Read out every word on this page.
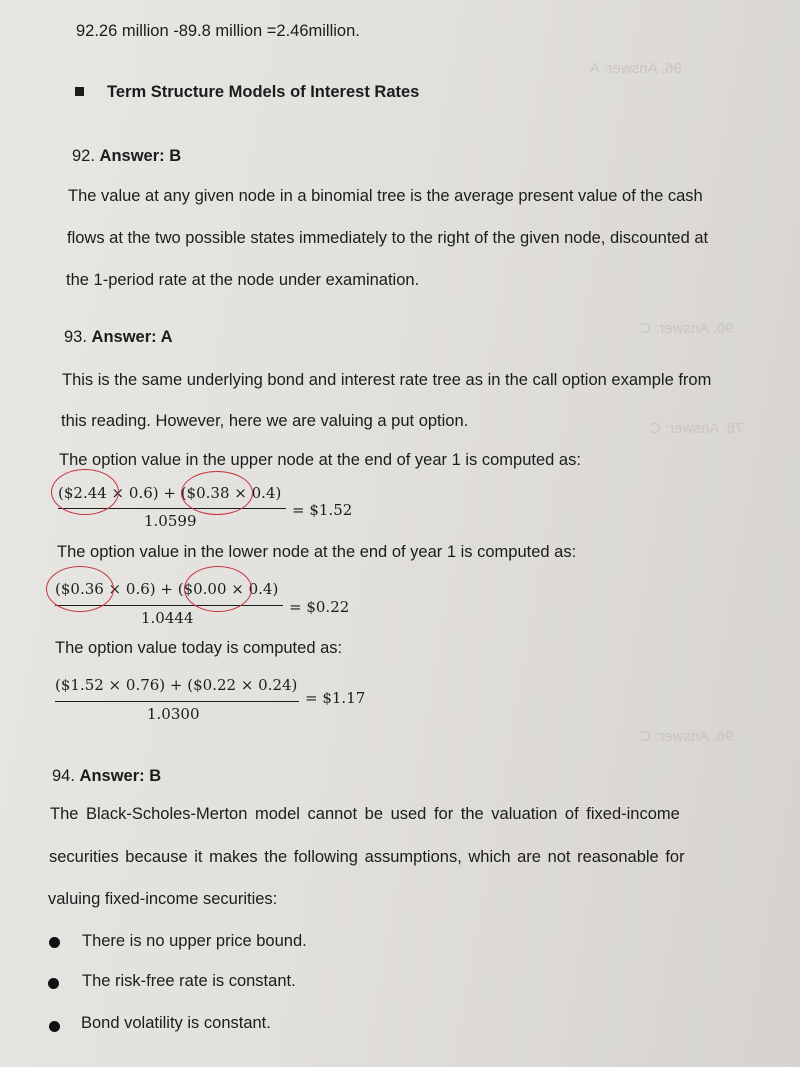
96. Answer: A
90. Answer: C
76. Answer: C
96. Answer: C
92.26 million -89.8 million =2.46million.
Term Structure Models of Interest Rates
92. Answer: B
The value at any given node in a binomial tree is the average present value of the cash
flows at the two possible states immediately to the right of the given node, discounted at
the 1-period rate at the node under examination.
93. Answer: A
This is the same underlying bond and interest rate tree as in the call option example from
this reading. However, here we are valuing a put option.
The option value in the upper node at the end of year 1 is computed as:
($2.44 × 0.6) + ($0.38 × 0.4)
1.0599
= $1.52
The option value in the lower node at the end of year 1 is computed as:
($0.36 × 0.6) + ($0.00 × 0.4)
1.0444
= $0.22
The option value today is computed as:
($1.52 × 0.76) + ($0.22 × 0.24)
1.0300
= $1.17
94. Answer: B
The Black-Scholes-Merton model cannot be used for the valuation of fixed-income
securities because it makes the following assumptions, which are not reasonable for
valuing fixed-income securities:
There is no upper price bound.
The risk-free rate is constant.
Bond volatility is constant.
